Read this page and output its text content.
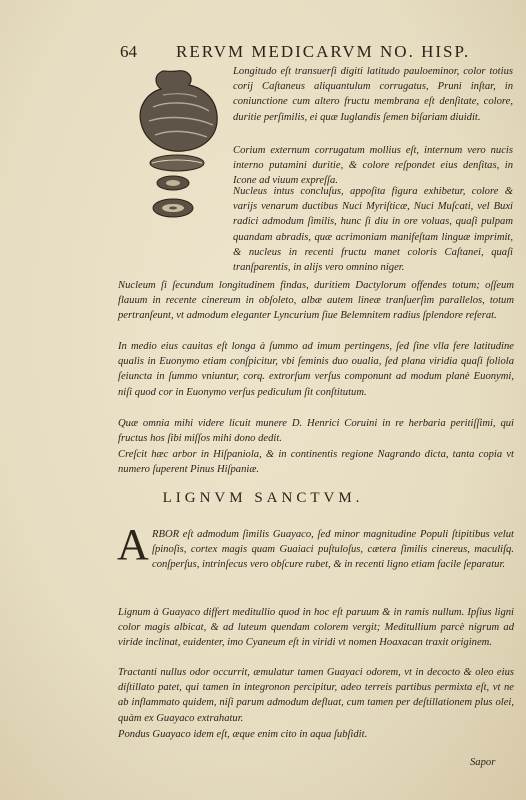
64 RERVM MEDICARVM NO. HISP.

Longitudo eſt transuerſi digiti latitudo pauloeminor, color totius corij Caſtaneus aliquantulum corrugatus, Pruni inſtar, in coniunctione cum altero fructu membrana eſt denſitate, colore, duritie perſimilis, ei quæ Iuglandis ſemen biſariam diuidit.

Corium externum corrugatum mollius eſt, internum vero nucis interno putamini duritie, & colore reſpondet eius denſitas, in Icone ad viuum expreſſa.

Nucleus intus concluſus, appoſita figura exhibetur, colore & varijs venarum ductibus Nuci Myriſticæ, Nuci Muſcati, vel Buxi radici admodum ſimilis, hunc ſi diu in ore voluas, quaſi pulpam quandam abradis, quæ acrimoniam manifeſtam linguæ imprimit, & nucleus in recenti fructu manet coloris Caſtanei, quaſi tranſparentis, in alijs vero omnino niger.

Nucleum ſi ſecundum longitudinem findas, duritiem Dactylorum offendes totum; oſſeum flauum in recente cinereum in obſoleto, albæ autem lineæ tranſuerſim parallelos, totum pertranſeunt, vt admodum eleganter Lyncurium ſiue Belemnitem radius ſplendore referat.

In medio eius cauitas eſt longa à ſummo ad imum pertingens, ſed ſine vlla fere latitudine qualis in Euonymo etiam conſpicitur, vbi ſeminis duo oualia, ſed plana viridia quaſi foliola ſeiuncta in ſummo vniuntur, corq. extrorſum verſus componunt ad modum planè Euonymi, niſi quod cor in Euonymo verſus pediculum ſit conſtitutum.

Quæ omnia mihi videre licuit munere D. Henrici Coruini in re herbaria peritiſſimi, qui fructus hos ſibi miſſos mihi dono dedit.

Creſcit hæc arbor in Hiſpaniola, & in continentis regione Nagrando dicta, tanta copia vt numero ſuperent Pinus Hiſpaniæ.

LIGNVM SANCTVM.
A RBOR eſt admodum ſimilis Guayaco, ſed minor magnitudine Populi ſtipitibus velut ſpinoſis, cortex magis quam Guaiaci puſtuloſus, cætera ſimilis cinereus, maculiſq. conſperſus, intrinſecus vero obſcure rubet, & in recenti ligno etiam facile ſeparatur.

Lignum à Guayaco differt meditullio quod in hoc eſt paruum & in ramis nullum. Ipſius ligni color magis albicat, & ad luteum quendam colorem vergit; Meditullium parcè nigrum ad viride inclinat, euidenter, imo Cyaneum eſt in viridi vt nomen Hoaxacan traxit originem.

Tractanti nullus odor occurrit, æmulatur tamen Guayaci odorem, vt in decocto & oleo eius diſtillato patet, qui tamen in integronon percipitur, adeo terreis partibus permixta eſt, vt ne ab inflammato quidem, niſi parum admodum defluat, cum tamen per deſtillationem plus olei, quàm ex Guayaco extrahatur.

Pondus Guayaco idem eſt, æque enim cito in aqua ſubſidit.

Sapor
